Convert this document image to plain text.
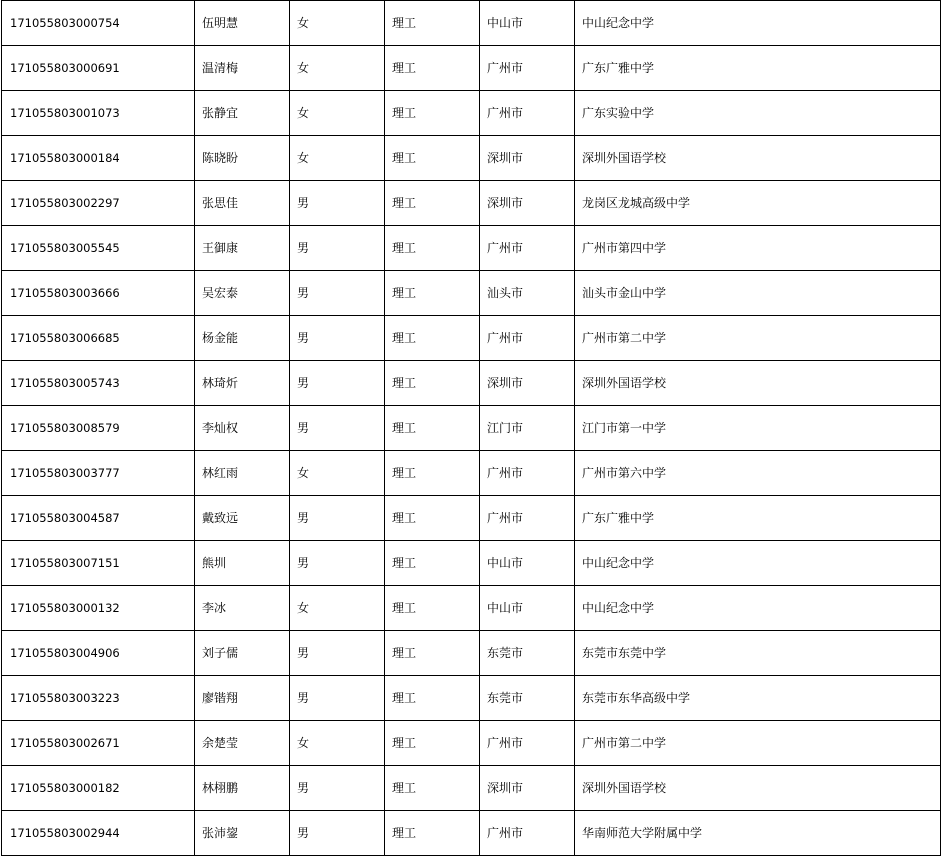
171055803000754	伍明慧	女	理工	中山市	中山纪念中学
171055803000691	温清梅	女	理工	广州市	广东广雅中学
171055803001073	张静宜	女	理工	广州市	广东实验中学
171055803000184	陈晓盼	女	理工	深圳市	深圳外国语学校
171055803002297	张思佳	男	理工	深圳市	龙岗区龙城高级中学
171055803005545	王御康	男	理工	广州市	广州市第四中学
171055803003666	吴宏泰	男	理工	汕头市	汕头市金山中学
171055803006685	杨金能	男	理工	广州市	广州市第二中学
171055803005743	林琦炘	男	理工	深圳市	深圳外国语学校
171055803008579	李灿权	男	理工	江门市	江门市第一中学
171055803003777	林红雨	女	理工	广州市	广州市第六中学
171055803004587	戴致远	男	理工	广州市	广东广雅中学
171055803007151	熊圳	男	理工	中山市	中山纪念中学
171055803000132	李冰	女	理工	中山市	中山纪念中学
171055803004906	刘子儒	男	理工	东莞市	东莞市东莞中学
171055803003223	廖锴翔	男	理工	东莞市	东莞市东华高级中学
171055803002671	余楚莹	女	理工	广州市	广州市第二中学
171055803000182	林栩鹏	男	理工	深圳市	深圳外国语学校
171055803002944	张沛鋆	男	理工	广州市	华南师范大学附属中学
